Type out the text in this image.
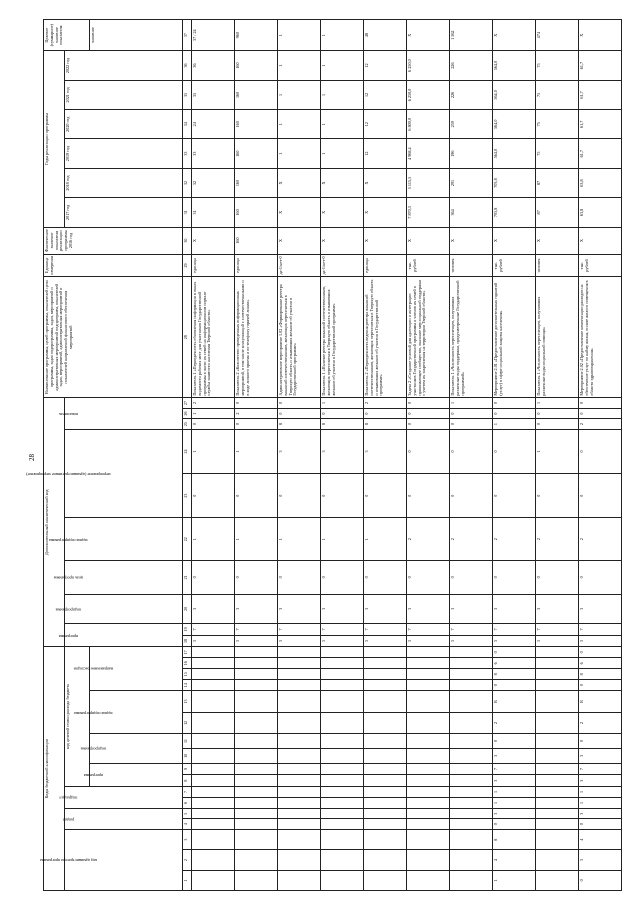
28
Коды бюджетной классификации																	Дополнительный аналитический код										Наименование программы, целей программы, показателей цели программы, задач подпрограммы, задач, мероприятий и административных мероприятий подпрограмм, показателей задач, мероприятий, административных мероприятий и показателей направлений финансового обеспечения мероприятий	Единица измерения	Фактическое значение показателя реализации программы 2016 год	Годы реализации программы						Целевое (суммарное) значение показателя
код администратора программы			раздел		подраздел		код целевой статьи расхода бюджета										программа		подпрограмма	цель программы	задача подпрограммы	мероприятие (административное мероприятие)		показатель						2017 год	2018 год	2019 год	2020 год	2021 год	2022 год	
							программа		подпрограмма		задача подпрограммы		направление расходов																							значение
1	2	3	4	5	6	7	8	9	10	11	12	13	14	15	16	17	18	19	20	21	22	23	24	25	26	27	28	29	30	31	32	33	34	35	36	37
																	3	7	3	0	1	0	1	0	1	2	Показатель 1 «Периодичность обновления информации в окнах видимости рабочих мест для участников Государственной программы в части их семей на информационном портале службы занятости населения Тверской области»	единица	X	31	32	33	24	35	36	37 / 24
																	3	7	3	0	1	0	1	0	2	0	Показатель 2 «Количество проведенных информационных мероприятий, в том числе консультаций с соотечественниками и в ходе личного приема и по телефону горячей линии»	единица	160	160	160	160	160	160	160	960
																	3	7	3	0	1	0	3	8	0	0	Административное мероприятие 1.02 «Формирование реестра вакансий соотечественников, желающих переселиться в Тверскую область и изъявивших желание об участии в Государственной программе»	да-1/нет-0	X	X	X	1	1	1	1	1
																	3	7	3	0	1	0	3	8	0	1	Показатель 1 «Наличие реестра вакансий соотечественников, желающих переселиться в Тверскую область и изъявивших желание об участии в Государственной программе»	да-1/нет-0	X	X	X	1	1	1	1	1
																	3	7	3	0	1	0	3	8	0	2	Показатель 2 «Периодичность ведения реестра вакансий соотечественников, желающих переселиться в Тверскую область и изъявивших желание об участии в Государственной программе»	единица	X	X	X	12	12	12	12	48
																	3	7	3	0	2	0	0	0	0	0	Задача 2 «Создание условий для адаптации и интеграции участников Государственной программы и членов их семей в принимающее сообщество, оказание мер социальной поддержки с учетом их закрепления на территории Тверской области»	тыс. рублей	X	7 870,3	5 115,5	4 968,4	6 800,0	6 250,0	6 250,0	X
																	3	7	3	0	2	0	0	0	0	1	Показатель 1 «Численность переселенцев, получивших различные виды поддержки, предусмотренные Государственной программой»	человек	X	364	291	196	259	226	226	1 562
1	4	8	0	3	1	1	3	7	3	0	2	R	0	8	6	0	3	7	3	0	2	0	0	1	0	0	Мероприятие 2.01 «Предоставление дополнительных гарантий (услуг) в сфере социальной защиты населения»	тыс. рублей	X	703,8	703,8	564,0	564,0	564,0	564,0	X
																	3	7	3	0	2	0	1	0	0	1	Показатель 1 «Численность переселенцев, получивших различные виды социальной помощи»	человек	X	87	87	75	75	75	75	474
0	3	4	0	3	1	1	3	7	3	0	2	R	0	8	6	0	3	7	3	0	2	0	0	2	0	0	Мероприятие 2.02 «Предоставление компенсации расходов на обеспечение услуг по найму жилья, оплате жилого помещения в области здравоохранения»	тыс. рублей	X	63,8	63,8	61,7	61,7	61,7	61,7	X
